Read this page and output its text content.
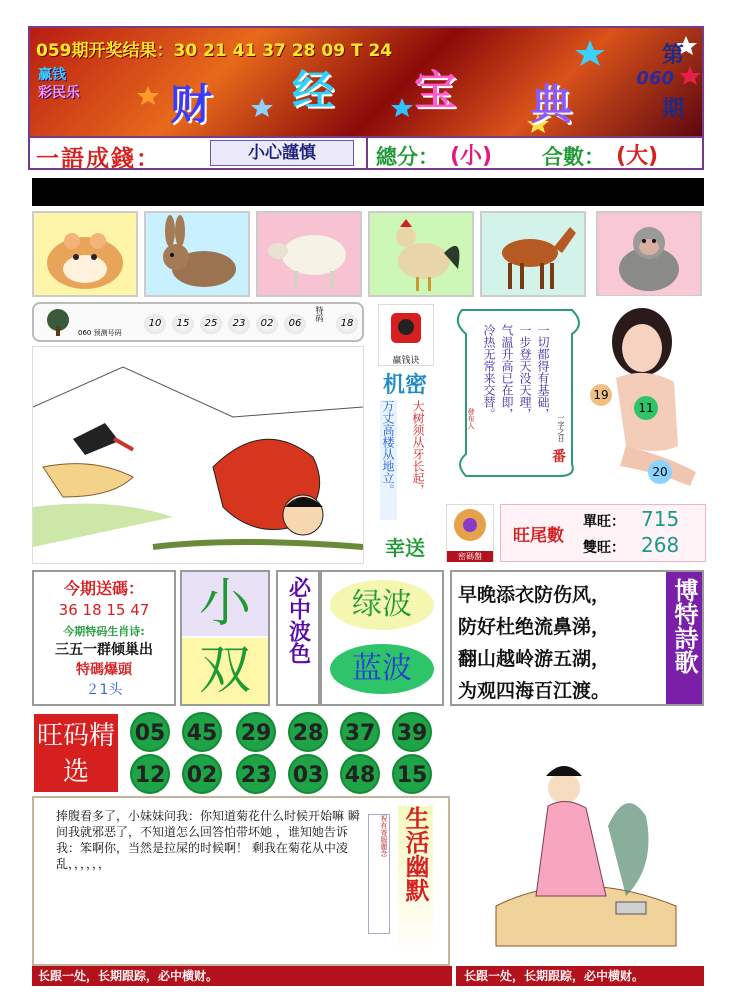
059期开奖结果：30 21 41 37 28 09 T 24
赢钱
彩民乐	财 经 宝 典
第
060
期
一語成錢：	小心謹慎	總分： (小) 合數： (大)
060 预测号码
10	15	25	23	02	06
特码
18
赢钱诀
机密
万丈高楼从地立。 大树须从牙长起，
幸送	密碼盤
一切都得有基础，
一步登天没天理，
气温升高已在即，
冷热无常来交替。
一字之日
發布人
番
19
11
20
旺尾數
單旺： 715
雙旺： 268
今期送碼：
36 18 15 47
今期特码生肖诗:
三五一群倾巢出
特碼爆頭
２1头
小
双
必中波色	绿波
蓝波
早晚添衣防伤风，
防好杜绝流鼻涕，
翻山越岭游五湖，
为观四海百江渡。
博特詩歌
旺码精选
05 45 29 28 37 39
12 02 23 03 48 15
捧腹看多了，小妹妹问我：你知道菊花什么时候开始嘛 瞬间我就邪恶了，不知道怎么回答怕带坏她 ，谁知她告诉我：笨啊你，当然是拉屎的时候啊！ 剩我在菊花从中凌乱，，，，，，
祝有寄服麗念 生活幽默
长跟一处，长期跟踪，必中横财。	长跟一处，长期跟踪，必中横财。
